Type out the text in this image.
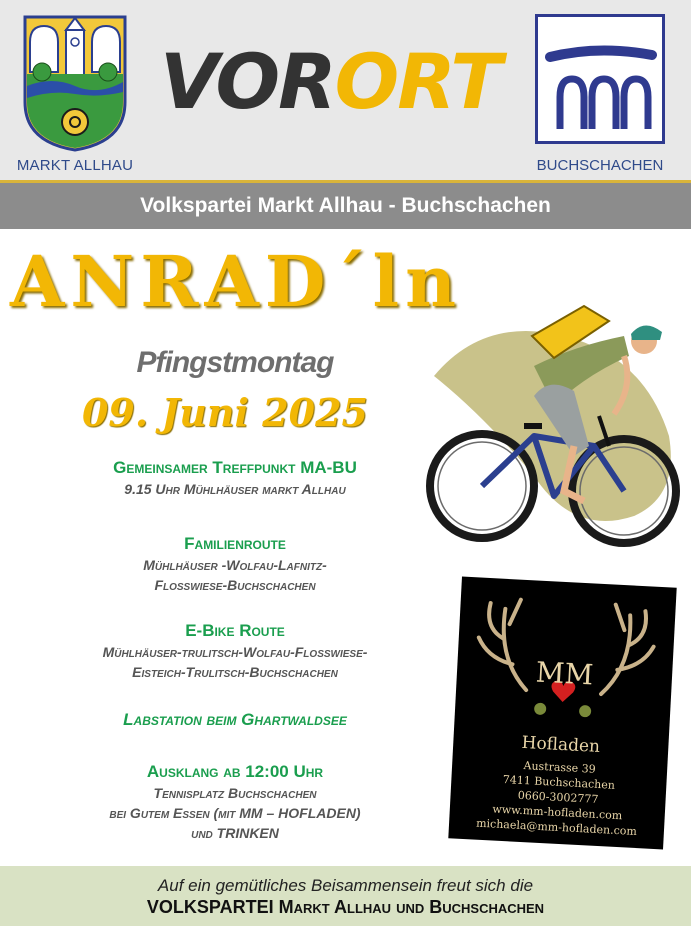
MARKT ALLHAU
VORORT
BUCHSCHACHEN
Volkspartei Markt Allhau - Buchschachen
ANRAD´ln
Pfingstmontag
09. Juni 2025
Gemeinsamer Treffpunkt MA-BU
9.15 Uhr Mühlhäuser markt Allhau
Familienroute
Mühlhäuser -Wolfau-Lafnitz-
Flosswiese-Buchschachen
E-Bike Route
Mühlhäuser-trulitsch-Wolfau-Flosswiese-
Eisteich-Trulitsch-Buchschachen
Labstation beim Ghartwaldsee
Ausklang ab 12:00 Uhr
Tennisplatz Buchschachen
bei Gutem Essen (mit MM – HOFLADEN)
und TRINKEN
MM
Hofladen
Austrasse 39
7411 Buchschachen
0660-3002777
www.mm-hofladen.com
michaela@mm-hofladen.com
Auf ein gemütliches Beisammensein freut sich die
VOLKSPARTEI Markt Allhau und Buchschachen
